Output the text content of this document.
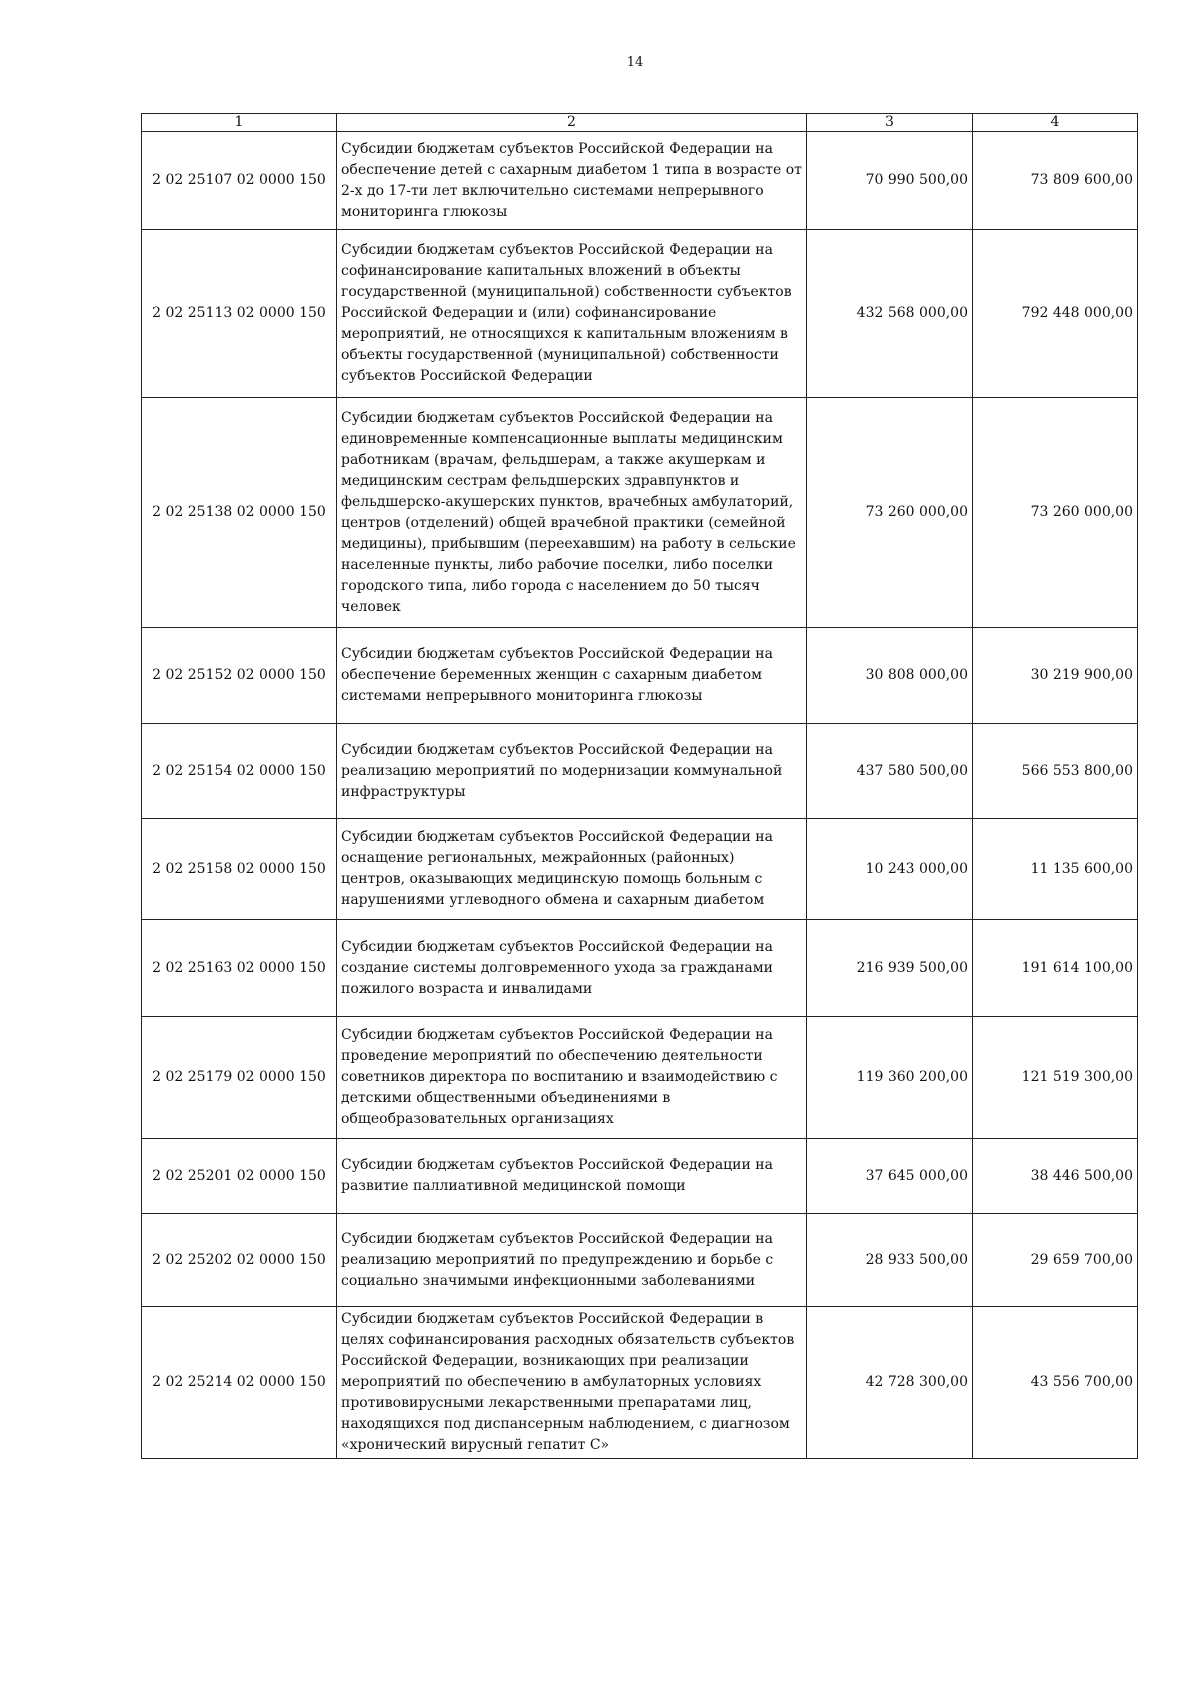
14
1	2	3	4
2 02 25107 02 0000 150	Субсидии бюджетам субъектов Российской Федерации на обеспечение детей с сахарным диабетом 1 типа в возрасте от 2-х до 17-ти лет включительно системами непрерывного мониторинга глюкозы	70 990 500,00	73 809 600,00
2 02 25113 02 0000 150	Субсидии бюджетам субъектов Российской Федерации на софинансирование капитальных вложений в объекты государственной (муниципальной) собственности субъектов Российской Федерации и (или) софинансирование мероприятий, не относящихся к капитальным вложениям в объекты государственной (муниципальной) собственности субъектов Российской Федерации	432 568 000,00	792 448 000,00
2 02 25138 02 0000 150	Субсидии бюджетам субъектов Российской Федерации на единовременные компенсационные выплаты медицинским работникам (врачам, фельдшерам, а также акушеркам и медицинским сестрам фельдшерских здравпунктов и фельдшерско-акушерских пунктов, врачебных амбулаторий, центров (отделений) общей врачебной практики (семейной медицины), прибывшим (переехавшим) на работу в сельские населенные пункты, либо рабочие поселки, либо поселки городского типа, либо города с населением до 50 тысяч человек	73 260 000,00	73 260 000,00
2 02 25152 02 0000 150	Субсидии бюджетам субъектов Российской Федерации на обеспечение беременных женщин с сахарным диабетом системами непрерывного мониторинга глюкозы	30 808 000,00	30 219 900,00
2 02 25154 02 0000 150	Субсидии бюджетам субъектов Российской Федерации на реализацию мероприятий по модернизации коммунальной инфраструктуры	437 580 500,00	566 553 800,00
2 02 25158 02 0000 150	Субсидии бюджетам субъектов Российской Федерации на оснащение региональных, межрайонных (районных) центров, оказывающих медицинскую помощь больным с нарушениями углеводного обмена и сахарным диабетом	10 243 000,00	11 135 600,00
2 02 25163 02 0000 150	Субсидии бюджетам субъектов Российской Федерации на создание системы долговременного ухода за гражданами пожилого возраста и инвалидами	216 939 500,00	191 614 100,00
2 02 25179 02 0000 150	Субсидии бюджетам субъектов Российской Федерации на проведение мероприятий по обеспечению деятельности советников директора по воспитанию и взаимодействию с детскими общественными объединениями в общеобразовательных организациях	119 360 200,00	121 519 300,00
2 02 25201 02 0000 150	Субсидии бюджетам субъектов Российской Федерации на развитие паллиативной медицинской помощи	37 645 000,00	38 446 500,00
2 02 25202 02 0000 150	Субсидии бюджетам субъектов Российской Федерации на реализацию мероприятий по предупреждению и борьбе с социально значимыми инфекционными заболеваниями	28 933 500,00	29 659 700,00
2 02 25214 02 0000 150	Субсидии бюджетам субъектов Российской Федерации в целях софинансирования расходных обязательств субъектов Российской Федерации, возникающих при реализации мероприятий по обеспечению в амбулаторных условиях противовирусными лекарственными препаратами лиц, находящихся под диспансерным наблюдением, с диагнозом «хронический вирусный гепатит С»	42 728 300,00	43 556 700,00
